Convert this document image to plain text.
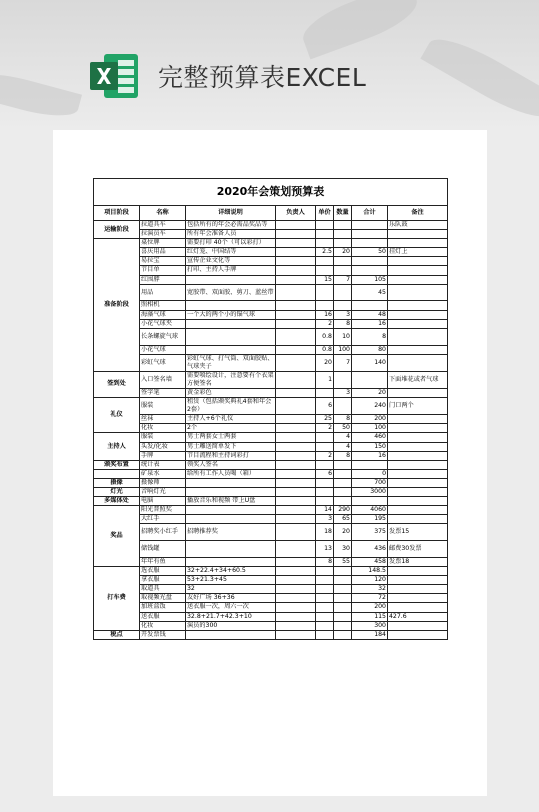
完整预算表EXCEL
2020年会策划预算表							
项目阶段	名称	详细说明	负责人	单价	数量	合计	备注
运输阶段	拉道具车	包括所有的年会必需品奖品等					乐队鼓
	拉演员车	所有年会准备人员					
准备阶段	桌位牌	需要打印 40个（可以彩打）					
	喜庆用品	红灯笼、中国结等		2.5	20	50	挂灯上
	易拉宝	宣传企业文化等					
	节目单	打印、主持人手牌					
	红围脖			15	7	105	
	用品	宽胶带、双面胶、剪刀、蓝丝带				45	
	照相机						
	海藻气球	一个大的两个小的锚气球		16	3	48	
	小花气球夹			2	8	16	
	长条螺旋气球			0.8	10	8	
	小花气球			0.8	100	80	
	彩虹气球	彩虹气球、打气筒、双面胶贴、气球夹子		20	7	140	
签到处	入口签名墙	需要喷绘设计，注意要有个衣架方便签名		1			下面堆花或者气球
	签字笔	黄金彩色			3	20	
礼仪	服装	租赁（包括颁奖典礼4套和年会2套）		6		240	门口两个
	丝袜	主持人+6个礼仪		25	8	200	
	化妆	2个		2	50	100	
主持人	服装	男士两套女士两套			4	460	
	头发/化妆	男士雕送简单发下			4	150	
	手牌	节目流程和主持词彩打		2	8	16	
颁奖布置	统计表	领奖人签名					
	矿泉水	给所有工作人员喝（箱）		6		0	
摄像	摄像师					700	
灯光	音响灯光					3000	
多媒体处	电脑	播放音乐和视频 带上U盘					
奖品	阳光普照奖			14	290	4060	
	大红手			3	65	195	
	招聘奖小红手	招聘推荐奖		18	20	375	发票15
	储钱罐			13	30	436	邮费30发票
	年年有鱼			8	55	458	发票18
打车费	选衣服	32+22.4+34+60.5				148.5	
	拿衣服	53+21.3+45				120	
	取道具	32				32	
	取视频光盘	友好广场 36+36				72	
	加班盒饭	送衣服一次，周六一次				200	
	送衣服	32.8+21.7+42.3+10				115	427.6
	化妆	演员的300				300	
税点	开发票钱					184	
